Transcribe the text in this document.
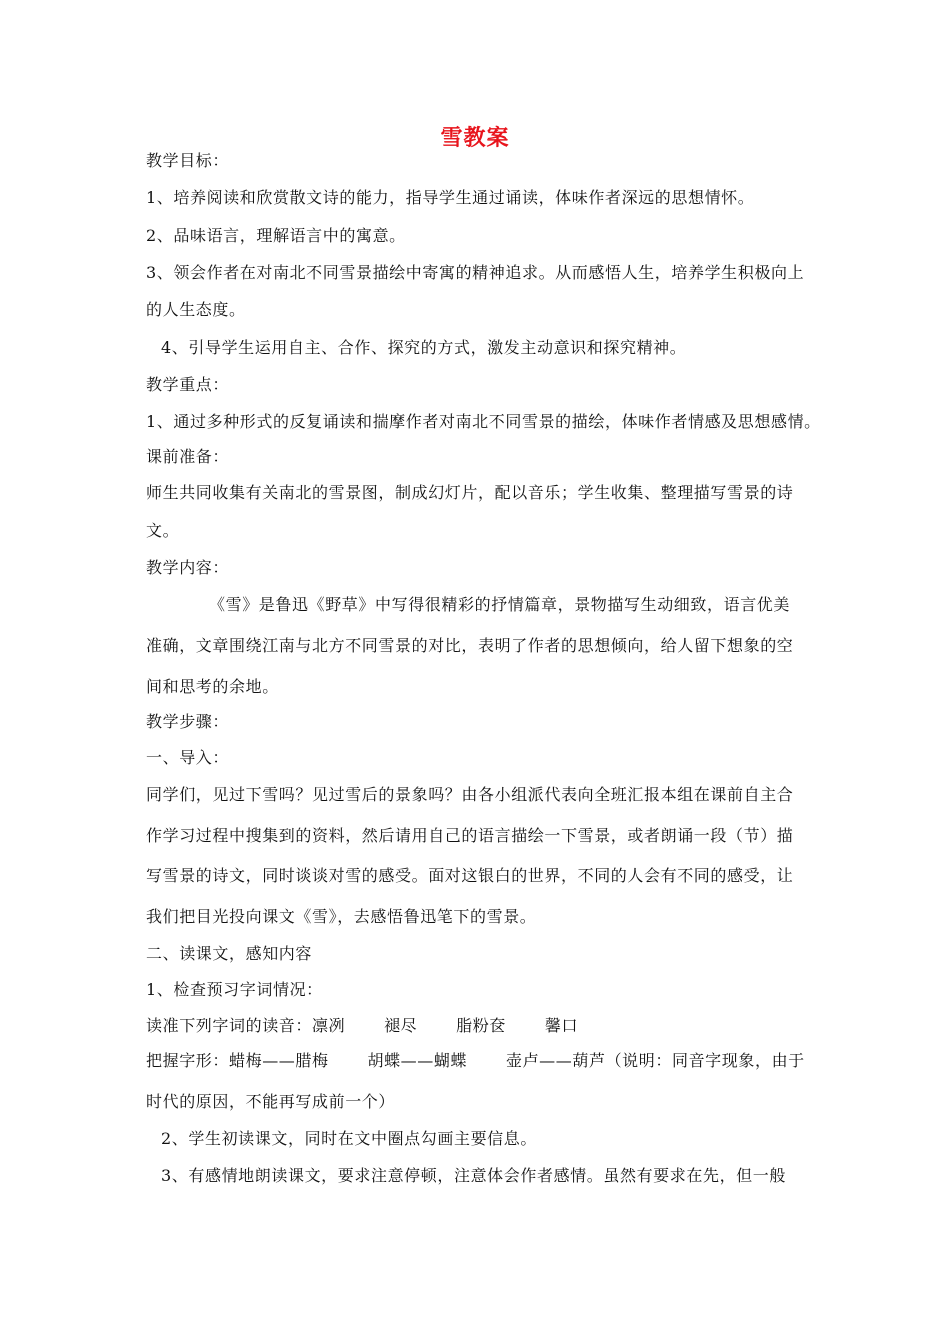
雪教案
教学目标：
1、培养阅读和欣赏散文诗的能力，指导学生通过诵读，体味作者深远的思想情怀。
2、品味语言，理解语言中的寓意。
3、领会作者在对南北不同雪景描绘中寄寓的精神追求。从而感悟人生，培养学生积极向上
的人生态度。
4、引导学生运用自主、合作、探究的方式，激发主动意识和探究精神。
教学重点：
1、通过多种形式的反复诵读和揣摩作者对南北不同雪景的描绘，体味作者情感及思想感情。
课前准备：
师生共同收集有关南北的雪景图，制成幻灯片，配以音乐；学生收集、整理描写雪景的诗
文。
教学内容：
《雪》是鲁迅《野草》中写得很精彩的抒情篇章，景物描写生动细致，语言优美
准确，文章围绕江南与北方不同雪景的对比，表明了作者的思想倾向，给人留下想象的空
间和思考的余地。
教学步骤：
一、导入：
同学们，见过下雪吗？见过雪后的景象吗？由各小组派代表向全班汇报本组在课前自主合
作学习过程中搜集到的资料，然后请用自己的语言描绘一下雪景，或者朗诵一段（节）描
写雪景的诗文，同时谈谈对雪的感受。面对这银白的世界，不同的人会有不同的感受，让
我们把目光投向课文《雪》，去感悟鲁迅笔下的雪景。
二、读课文，感知内容
1、检查预习字词情况：
读准下列字词的读音：凛冽　　 褪尽　　 脂粉奁　　 馨口
把握字形：蜡梅——腊梅　　 胡蝶——蝴蝶　　 壶卢——葫芦（说明：同音字现象，由于
时代的原因，不能再写成前一个）
2、学生初读课文，同时在文中圈点勾画主要信息。
3、有感情地朗读课文，要求注意停顿，注意体会作者感情。虽然有要求在先，但一般
